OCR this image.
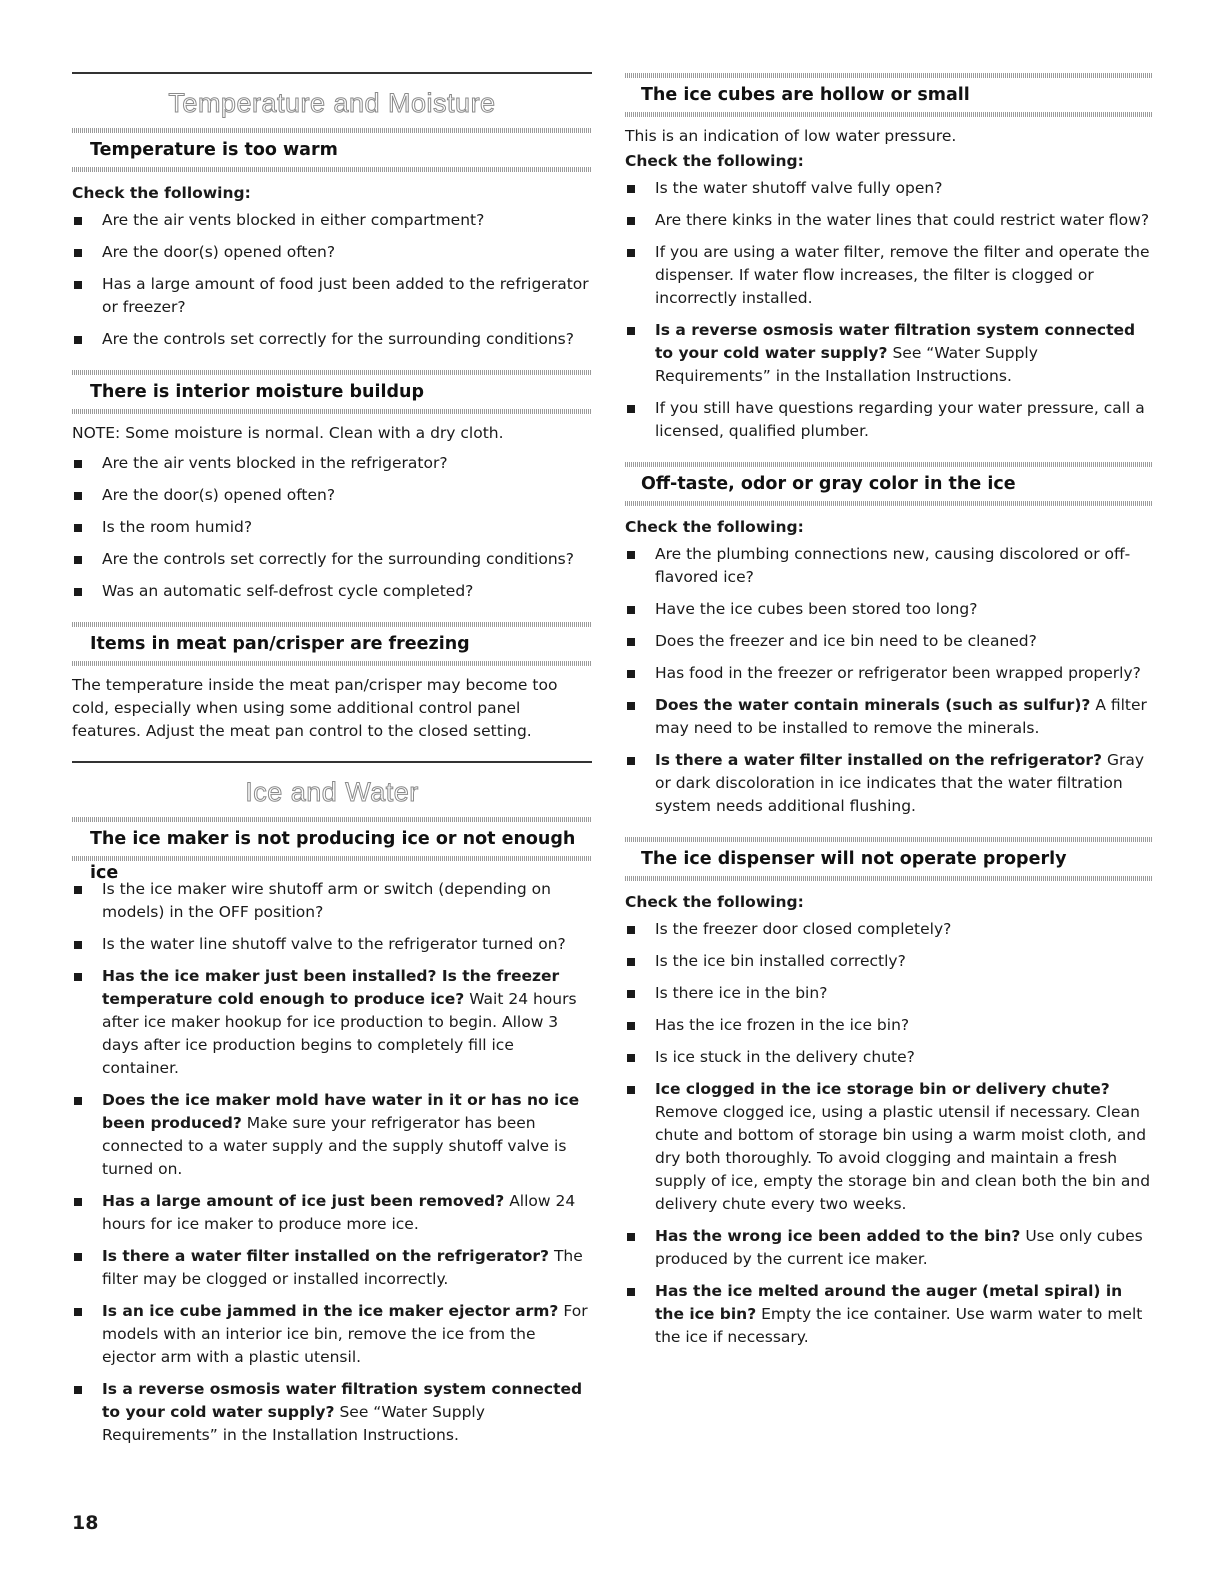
Temperature and Moisture
Temperature is too warm
Check the following:
Are the air vents blocked in either compartment?
Are the door(s) opened often?
Has a large amount of food just been added to the refrigerator or freezer?
Are the controls set correctly for the surrounding conditions?
There is interior moisture buildup
NOTE: Some moisture is normal. Clean with a dry cloth.
Are the air vents blocked in the refrigerator?
Are the door(s) opened often?
Is the room humid?
Are the controls set correctly for the surrounding conditions?
Was an automatic self-defrost cycle completed?
Items in meat pan/crisper are freezing
The temperature inside the meat pan/crisper may become too cold, especially when using some additional control panel features. Adjust the meat pan control to the closed setting.
Ice and Water
The ice maker is not producing ice or not enough ice
Is the ice maker wire shutoff arm or switch (depending on models) in the OFF position?
Is the water line shutoff valve to the refrigerator turned on?
Has the ice maker just been installed? Is the freezer temperature cold enough to produce ice? Wait 24 hours after ice maker hookup for ice production to begin. Allow 3 days after ice production begins to completely fill ice container.
Does the ice maker mold have water in it or has no ice been produced? Make sure your refrigerator has been connected to a water supply and the supply shutoff valve is turned on.
Has a large amount of ice just been removed? Allow 24 hours for ice maker to produce more ice.
Is there a water filter installed on the refrigerator? The filter may be clogged or installed incorrectly.
Is an ice cube jammed in the ice maker ejector arm? For models with an interior ice bin, remove the ice from the ejector arm with a plastic utensil.
Is a reverse osmosis water filtration system connected to your cold water supply? See “Water Supply Requirements” in the Installation Instructions.
The ice cubes are hollow or small
This is an indication of low water pressure.
Check the following:
Is the water shutoff valve fully open?
Are there kinks in the water lines that could restrict water flow?
If you are using a water filter, remove the filter and operate the dispenser. If water flow increases, the filter is clogged or incorrectly installed.
Is a reverse osmosis water filtration system connected to your cold water supply? See “Water Supply Requirements” in the Installation Instructions.
If you still have questions regarding your water pressure, call a licensed, qualified plumber.
Off-taste, odor or gray color in the ice
Check the following:
Are the plumbing connections new, causing discolored or off-flavored ice?
Have the ice cubes been stored too long?
Does the freezer and ice bin need to be cleaned?
Has food in the freezer or refrigerator been wrapped properly?
Does the water contain minerals (such as sulfur)? A filter may need to be installed to remove the minerals.
Is there a water filter installed on the refrigerator? Gray or dark discoloration in ice indicates that the water filtration system needs additional flushing.
The ice dispenser will not operate properly
Check the following:
Is the freezer door closed completely?
Is the ice bin installed correctly?
Is there ice in the bin?
Has the ice frozen in the ice bin?
Is ice stuck in the delivery chute?
Ice clogged in the ice storage bin or delivery chute? Remove clogged ice, using a plastic utensil if necessary. Clean chute and bottom of storage bin using a warm moist cloth, and dry both thoroughly. To avoid clogging and maintain a fresh supply of ice, empty the storage bin and clean both the bin and delivery chute every two weeks.
Has the wrong ice been added to the bin? Use only cubes produced by the current ice maker.
Has the ice melted around the auger (metal spiral) in the ice bin? Empty the ice container. Use warm water to melt the ice if necessary.
18
